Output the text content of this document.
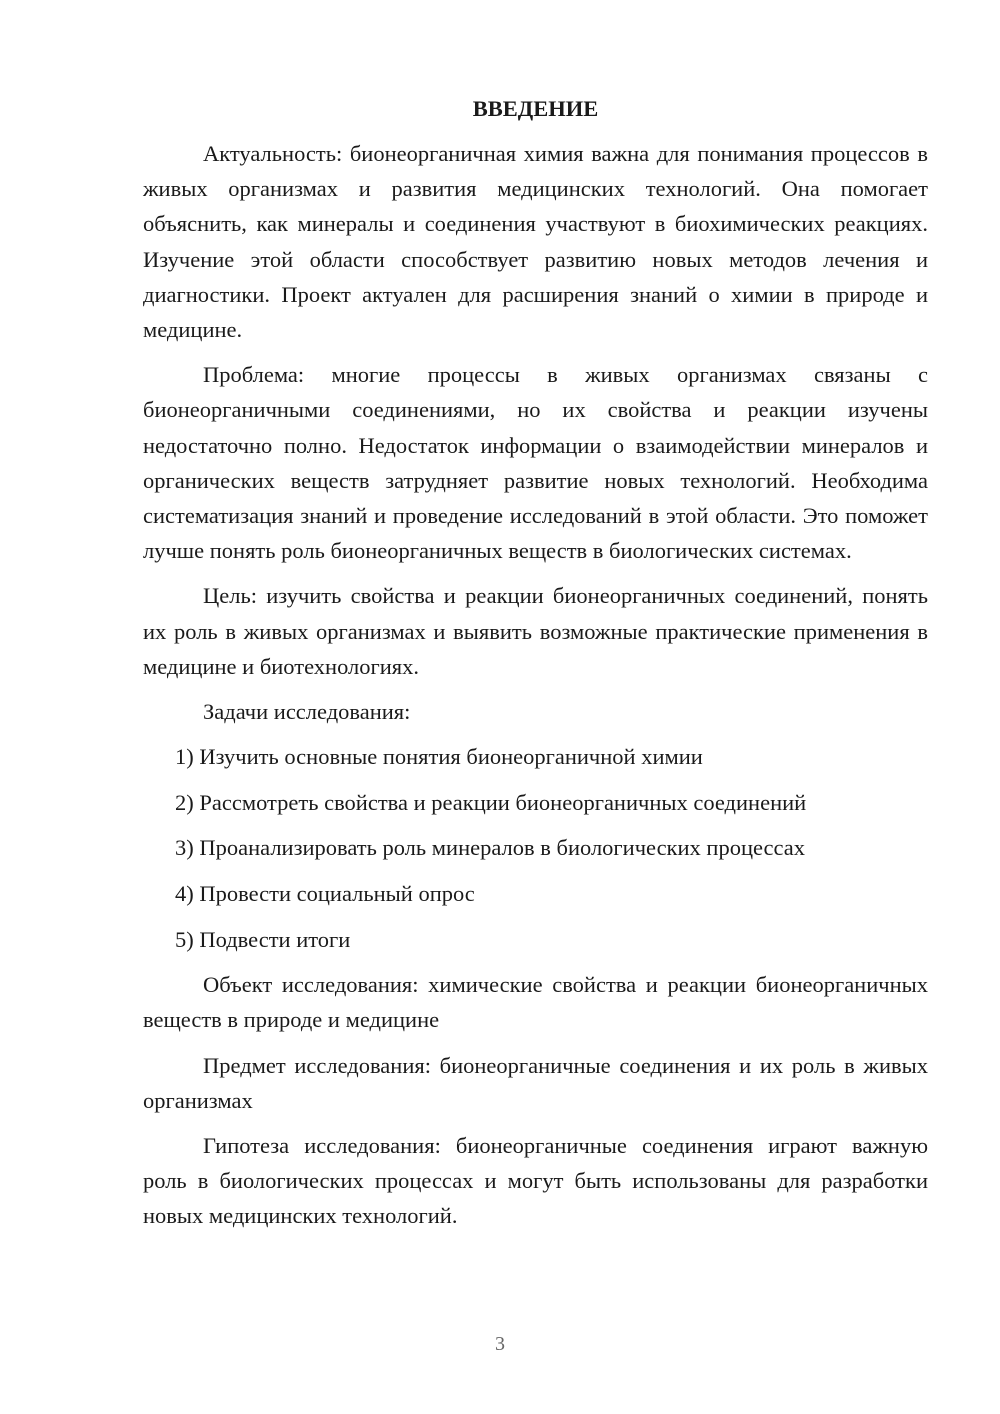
ВВЕДЕНИЕ

Актуальность: бионеорганичная химия важна для понимания процессов в живых организмах и развития медицинских технологий. Она помогает объяснить, как минералы и соединения участвуют в биохимических реакциях. Изучение этой области способствует развитию новых методов лечения и диагностики. Проект актуален для расширения знаний о химии в природе и медицине.

Проблема: многие процессы в живых организмах связаны с бионеорганичными соединениями, но их свойства и реакции изучены недостаточно полно. Недостаток информации о взаимодействии минералов и органических веществ затрудняет развитие новых технологий. Необходима систематизация знаний и проведение исследований в этой области. Это поможет лучше понять роль бионеорганичных веществ в биологических системах.

Цель: изучить свойства и реакции бионеорганичных соединений, понять их роль в живых организмах и выявить возможные практические применения в медицине и биотехнологиях.

Задачи исследования:

1) Изучить основные понятия бионеорганичной химии
2) Рассмотреть свойства и реакции бионеорганичных соединений
3) Проанализировать роль минералов в биологических процессах
4) Провести социальный опрос
5) Подвести итоги

Объект исследования: химические свойства и реакции бионеорганичных веществ в природе и медицине

Предмет исследования: бионеорганичные соединения и их роль в живых организмах

Гипотеза исследования: бионеорганичные соединения играют важную роль в биологических процессах и могут быть использованы для разработки новых медицинских технологий.

3
